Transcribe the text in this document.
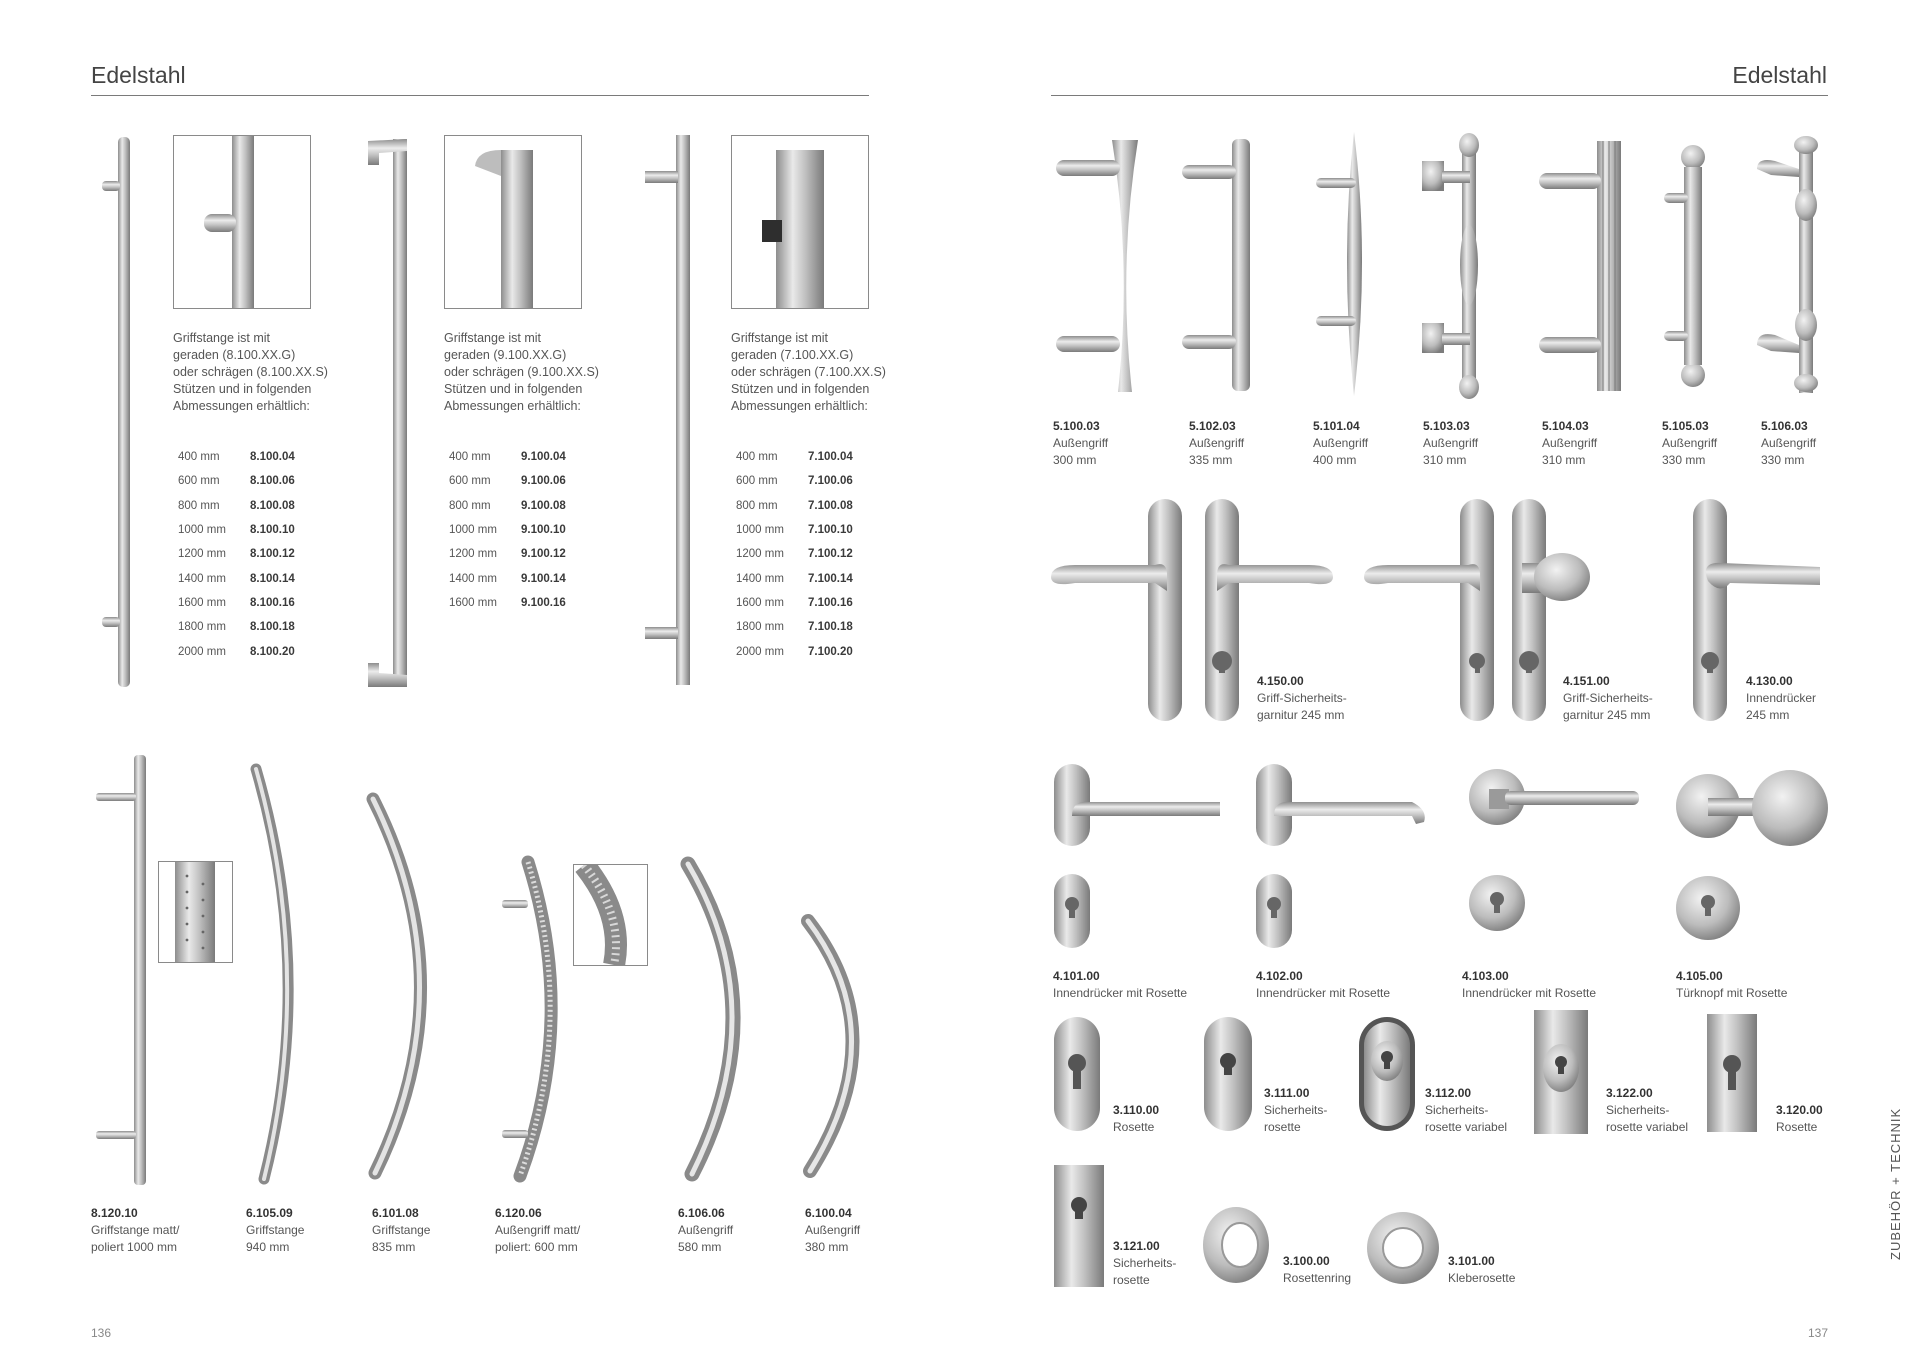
Edelstahl
Griffstange ist mit
geraden (8.100.XX.G)
oder schrägen (8.100.XX.S)
Stützen und in folgenden
Abmessungen erhältlich:
400 mm	8.100.04
600 mm	8.100.06
800 mm	8.100.08
1000 mm	8.100.10
1200 mm	8.100.12
1400 mm	8.100.14
1600 mm	8.100.16
1800 mm	8.100.18
2000 mm	8.100.20
Griffstange ist mit
geraden (9.100.XX.G)
oder schrägen (9.100.XX.S)
Stützen und in folgenden
Abmessungen erhältlich:
400 mm	9.100.04
600 mm	9.100.06
800 mm	9.100.08
1000 mm	9.100.10
1200 mm	9.100.12
1400 mm	9.100.14
1600 mm	9.100.16
Griffstange ist mit
geraden (7.100.XX.G)
oder schrägen (7.100.XX.S)
Stützen und in folgenden
Abmessungen erhältlich:
400 mm	7.100.04
600 mm	7.100.06
800 mm	7.100.08
1000 mm	7.100.10
1200 mm	7.100.12
1400 mm	7.100.14
1600 mm	7.100.16
1800 mm	7.100.18
2000 mm	7.100.20
8.120.10
Griffstange matt/
poliert 1000 mm
6.105.09
Griffstange
940 mm
6.101.08
Griffstange
835 mm
6.120.06
Außengriff matt/
poliert: 600 mm
6.106.06
Außengriff
580 mm
6.100.04
Außengriff
380 mm
136
Edelstahl
5.100.03
Außengriff
300 mm
5.102.03
Außengriff
335 mm
5.101.04
Außengriff
400 mm
5.103.03
Außengriff
310 mm
5.104.03
Außengriff
310 mm
5.105.03
Außengriff
330 mm
5.106.03
Außengriff
330 mm
4.150.00
Griff-Sicherheits-
garnitur 245 mm
4.151.00
Griff-Sicherheits-
garnitur 245 mm
4.130.00
Innendrücker
245 mm
4.101.00
Innendrücker mit Rosette
4.102.00
Innendrücker mit Rosette
4.103.00
Innendrücker mit Rosette
4.105.00
Türknopf mit Rosette
3.110.00
Rosette
3.111.00
Sicherheits-
rosette
3.112.00
Sicherheits-
rosette variabel
3.122.00
Sicherheits-
rosette variabel
3.120.00
Rosette
3.121.00
Sicherheits-
rosette
3.100.00
Rosettenring
3.101.00
Kleberosette
ZUBEHÖR + TECHNIK
137
